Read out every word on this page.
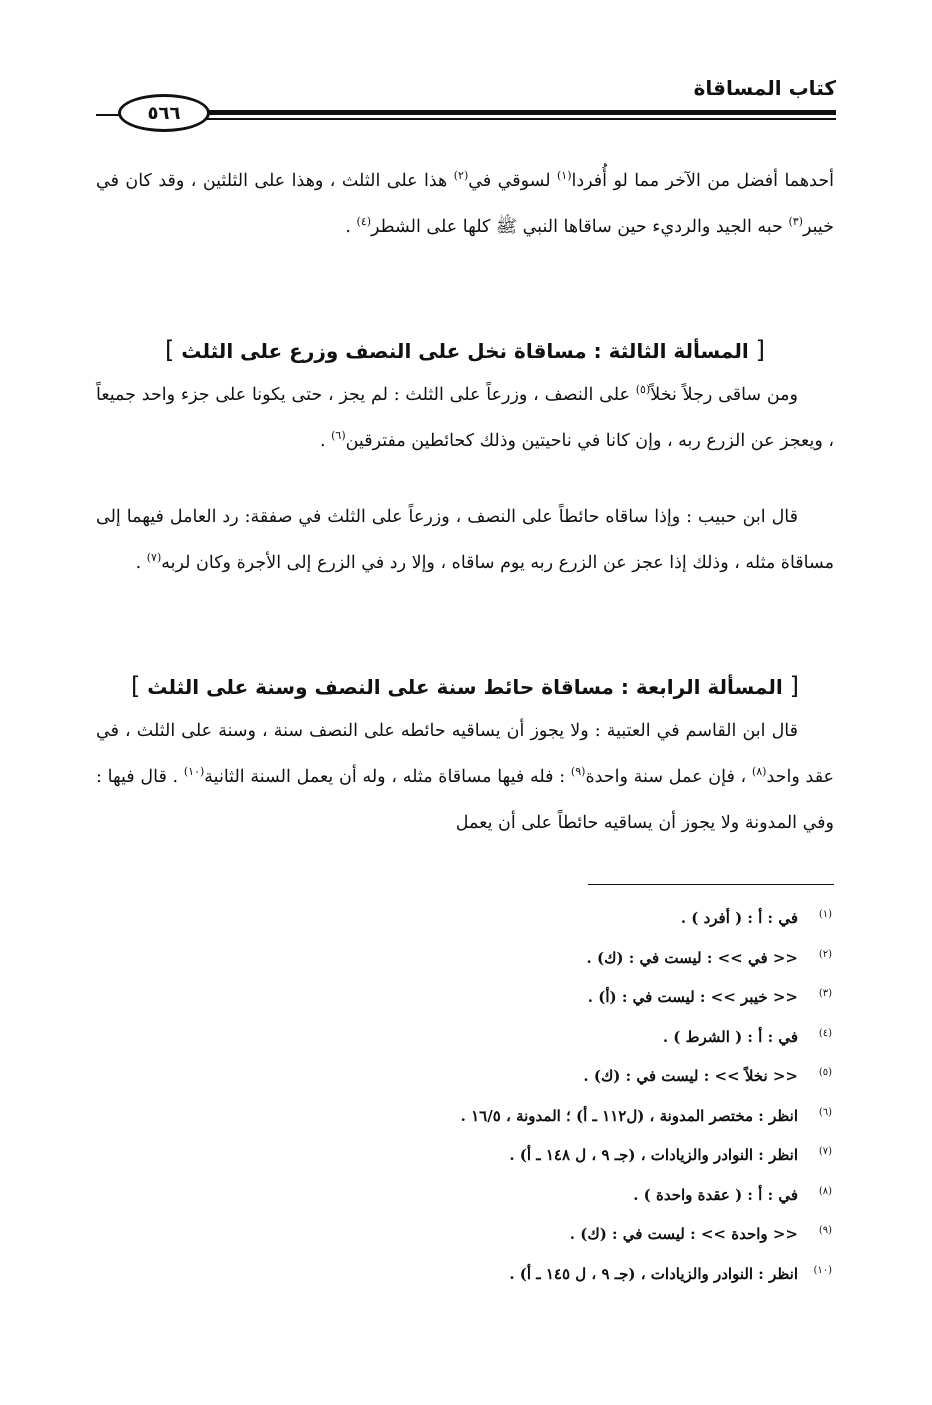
كتاب المساقاة
٥٦٦
أحدهما أفضل من الآخر مما لو أُفردا$^{(١)}$ لسوقي في$^{(٢)}$ هذا على الثلث ، وهذا على الثلثين ، وقد كان في خيبر$^{(٣)}$ حبه الجيد والرديء حين ساقاها النبي ﷺ كلها على الشطر$^{(٤)}$ .
[ المسألة الثالثة : مساقاة نخل على النصف وزرع على الثلث ]
ومن ساقى رجلاً نخلاً$^{(٥)}$ على النصف ، وزرعاً على الثلث : لم يجز ، حتى يكونا على جزء واحد جميعاً ، ويعجز عن الزرع ربه ، وإن كانا في ناحيتين وذلك كحائطين مفترقين$^{(٦)}$ .
قال ابن حبيب : وإذا ساقاه حائطاً على النصف ، وزرعاً على الثلث في صفقة: رد العامل فيهما إلى مساقاة مثله ، وذلك إذا عجز عن الزرع ربه يوم ساقاه ، وإلا رد في الزرع إلى الأجرة وكان لربه$^{(٧)}$ .
[ المسألة الرابعة : مساقاة حائط سنة على النصف وسنة على الثلث ]
قال ابن القاسم في العتبية : ولا يجوز أن يساقيه حائطه على النصف سنة ، وسنة على الثلث ، في عقد واحد$^{(٨)}$ ، فإن عمل سنة واحدة$^{(٩)}$ : فله فيها مساقاة مثله ، وله أن يعمل السنة الثانية$^{(١٠)}$ . قال فيها : وفي المدونة ولا يجوز أن يساقيه حائطاً على أن يعمل
(١)
في : أ : ( أفرد ) .
(٢)
<< في >> : ليست في : (ك) .
(٣)
<< خيبر >> : ليست في : (أ) .
(٤)
في : أ : ( الشرط ) .
(٥)
<< نخلاً >> : ليست في : (ك) .
(٦)
انظر : مختصر المدونة ، (ل١١٢ ـ أ) ؛ المدونة ، ١٦/٥ .
(٧)
انظر : النوادر والزيادات ، (جـ ٩ ، ل ١٤٨ ـ أ) .
(٨)
في : أ : ( عقدة واحدة ) .
(٩)
<< واحدة >> : ليست في : (ك) .
(١٠)
انظر : النوادر والزيادات ، (جـ ٩ ، ل ١٤٥ ـ أ) .
